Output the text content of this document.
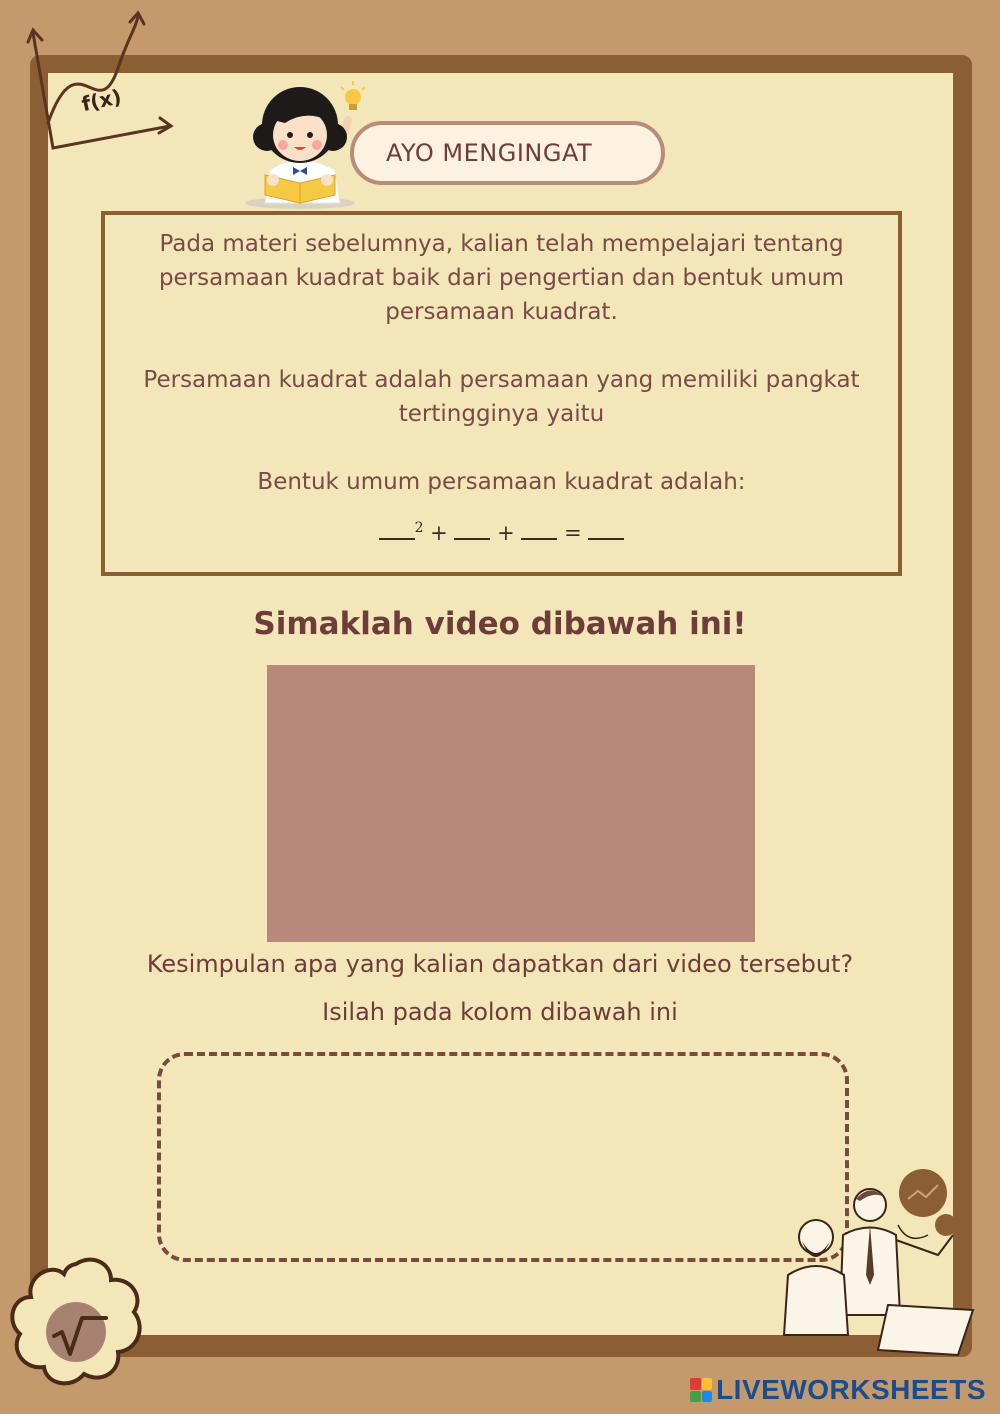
f(x)
AYO MENGINGAT

Pada materi sebelumnya, kalian telah mempelajari tentang persamaan kuadrat baik dari pengertian dan bentuk umum persamaan kuadrat.

Persamaan kuadrat adalah persamaan yang memiliki pangkat tertingginya yaitu

Bentuk umum persamaan kuadrat adalah:

$^2$ + + =
Simaklah video dibawah ini!
Kesimpulan apa yang kalian dapatkan dari video tersebut?
Isilah pada kolom dibawah ini
LIVEWORKSHEETS
